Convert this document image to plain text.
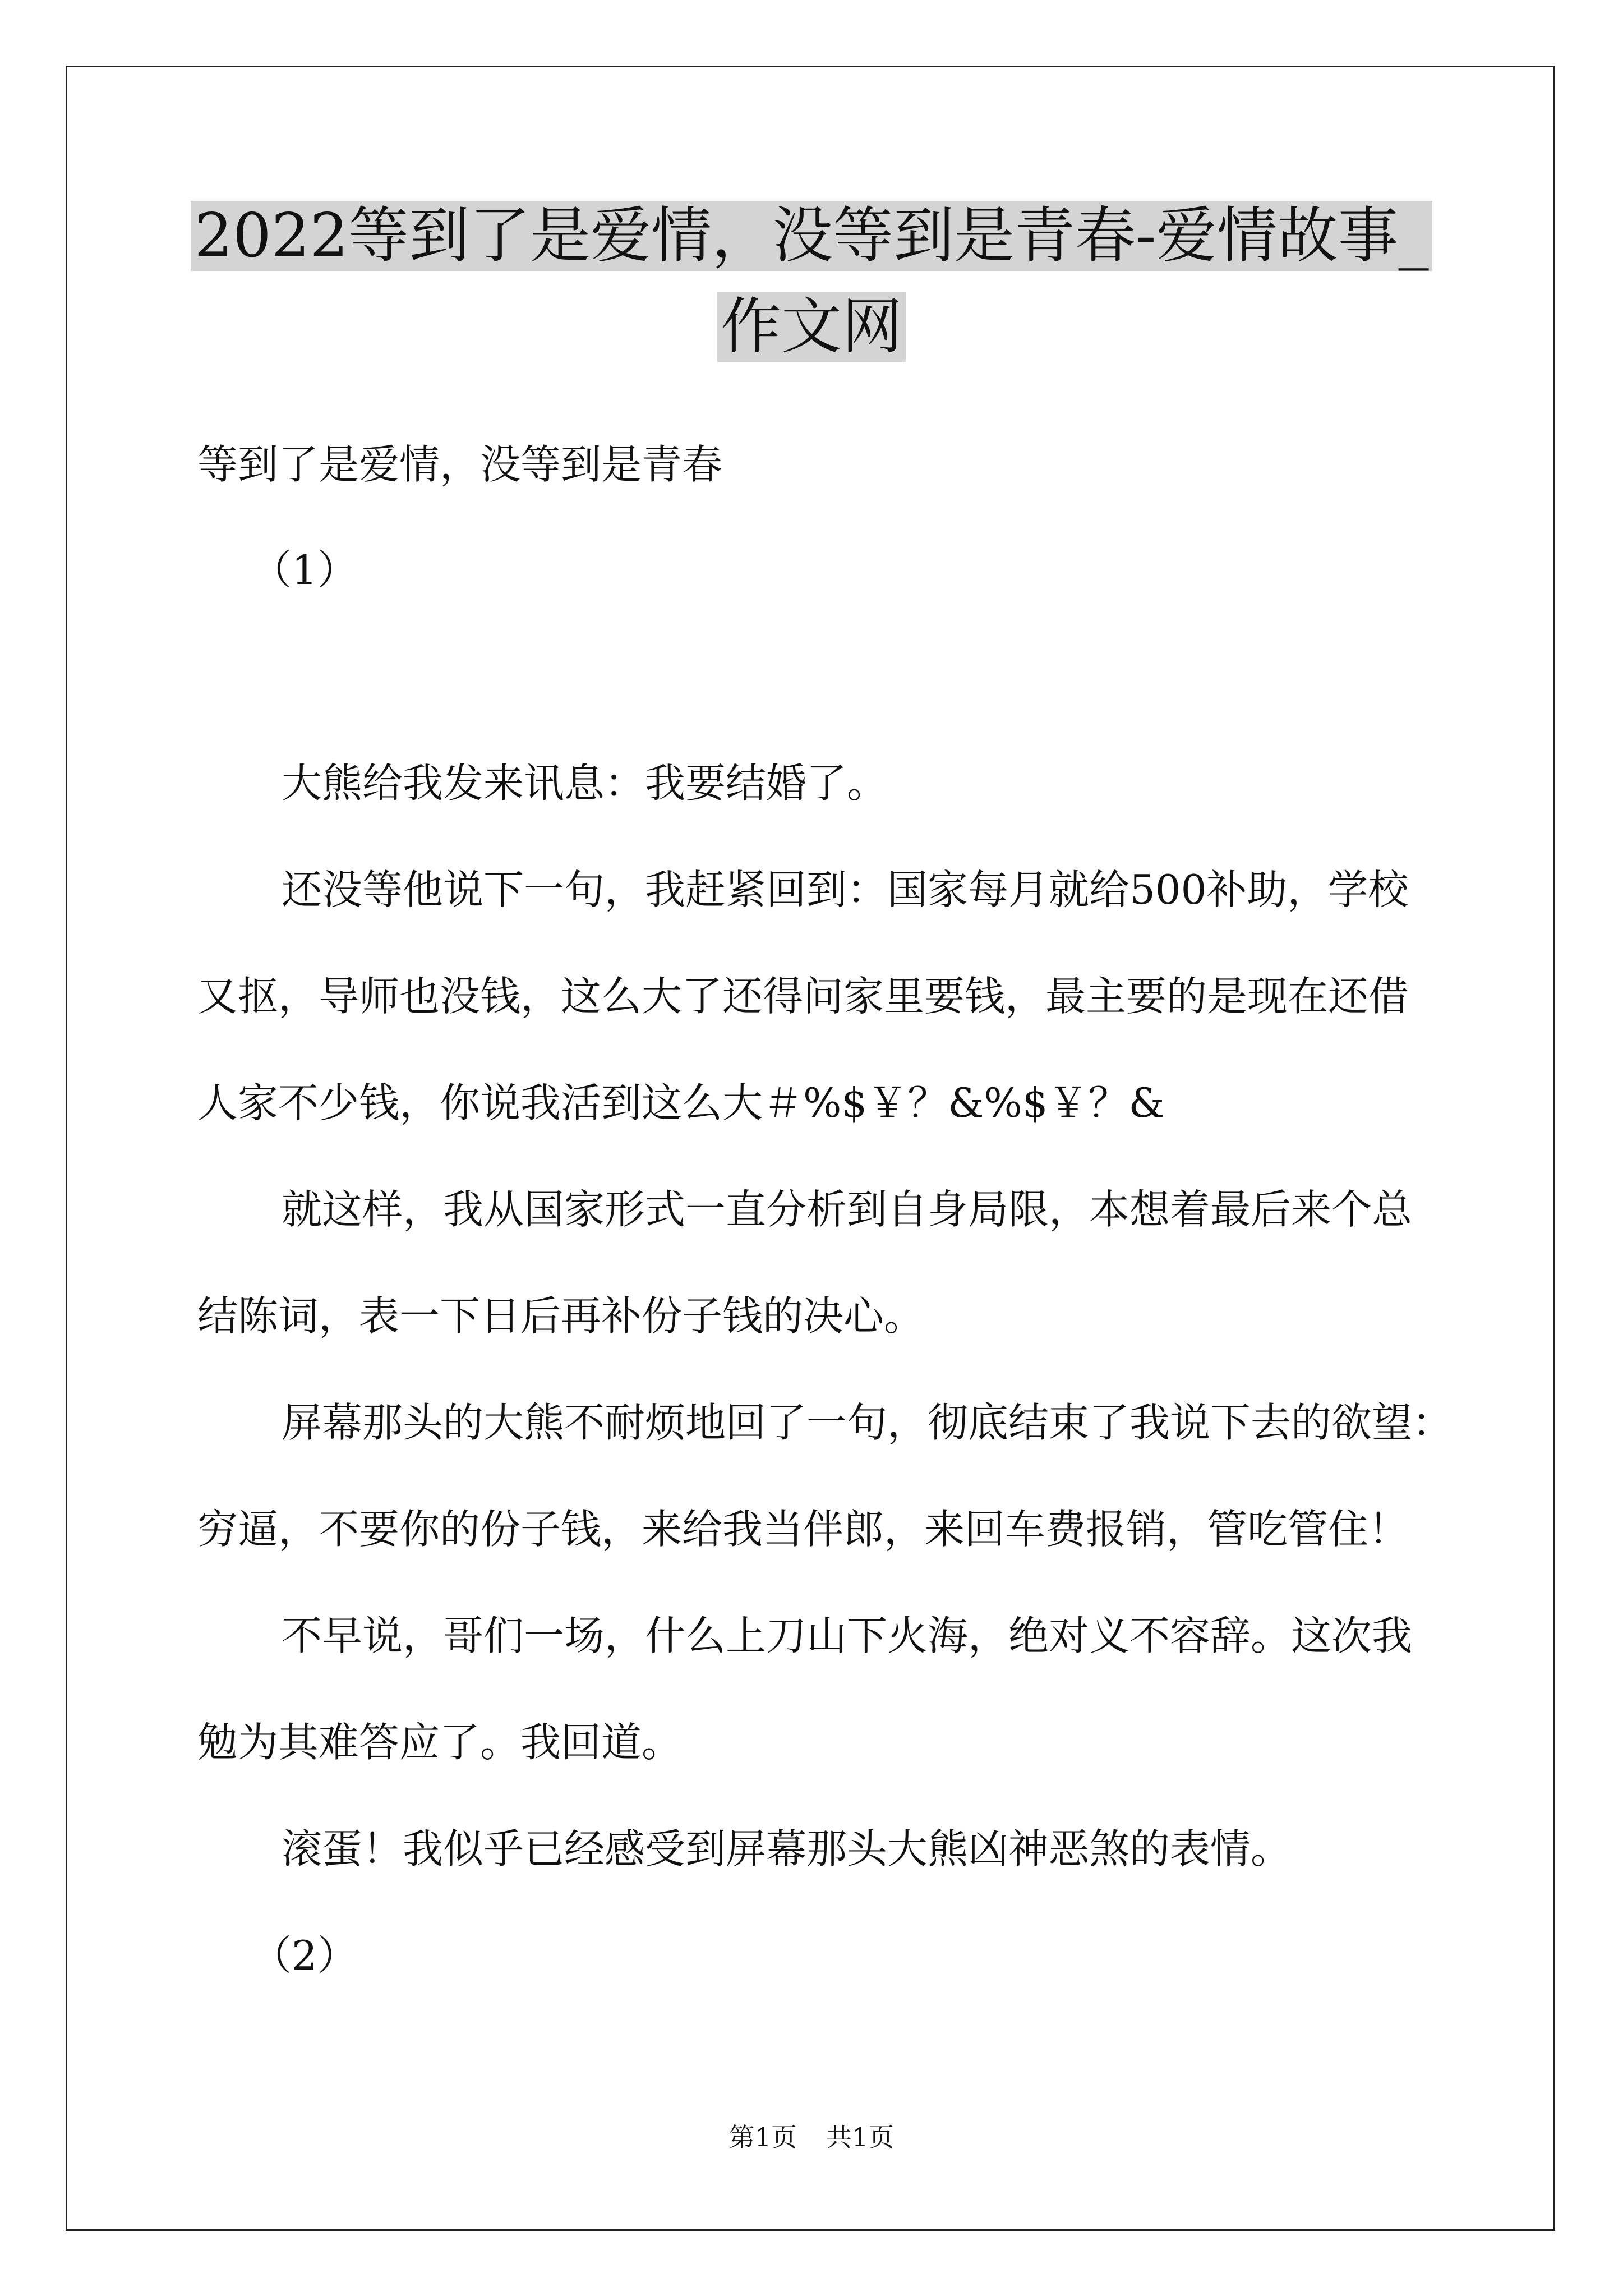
2022等到了是爱情，没等到是青春-爱情故事_
作文网
等到了是爱情，没等到是青春
（1）
大熊给我发来讯息：我要结婚了。
还没等他说下一句，我赶紧回到：国家每月就给500补助，学校
又抠，导师也没钱，这么大了还得问家里要钱，最主要的是现在还借
人家不少钱，你说我活到这么大＃%$￥？&%$￥？&
就这样，我从国家形式一直分析到自身局限，本想着最后来个总
结陈词，表一下日后再补份子钱的决心。
屏幕那头的大熊不耐烦地回了一句，彻底结束了我说下去的欲望：
穷逼，不要你的份子钱，来给我当伴郎，来回车费报销，管吃管住！
不早说，哥们一场，什么上刀山下火海，绝对义不容辞。这次我
勉为其难答应了。我回道。
滚蛋！我似乎已经感受到屏幕那头大熊凶神恶煞的表情。
（2）
第1页 共1页
